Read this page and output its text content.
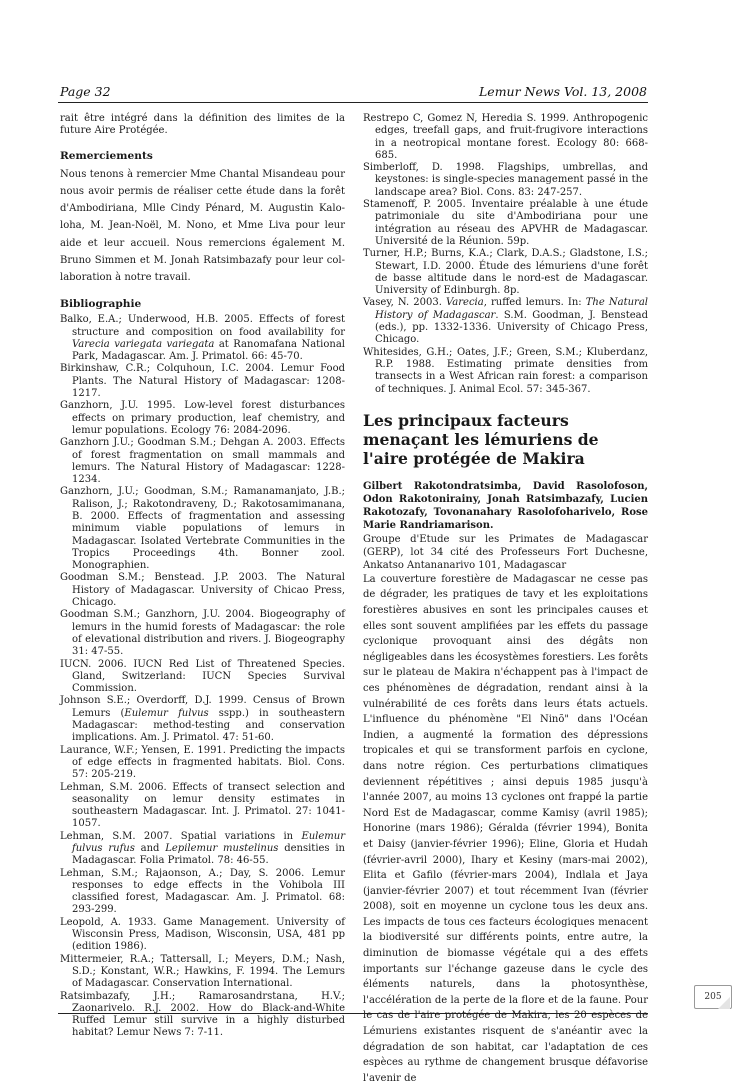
Page 32	Lemur News Vol. 13, 2008

rait être intégré dans la définition des limites de la future Aire Protégée.

Remerciements

Nous tenons à remercier Mme Chantal Misandeau pour nous avoir permis de réaliser cette étude dans la forêt d'Ambodiriana, Mlle Cindy Pénard, M. Augustin Kalo-loha, M. Jean-Noël, M. Nono, et Mme Liva pour leur aide et leur accueil. Nous remercions également M. Bruno Simmen et M. Jonah Ratsimbazafy pour leur col-laboration à notre travail.

Bibliographie

Balko, E.A.; Underwood, H.B. 2005. Effects of forest structure and composition on food availability for Varecia variegata variegata at Ranomafana National Park, Madagascar. Am. J. Primatol. 66: 45-70.

Birkinshaw, C.R.; Colquhoun, I.C. 2004. Lemur Food Plants. The Natural History of Madagascar: 1208-1217.

Ganzhorn, J.U. 1995. Low-level forest disturbances effects on primary production, leaf chemistry, and lemur populations. Ecology 76: 2084-2096.

Ganzhorn J.U.; Goodman S.M.; Dehgan A. 2003. Effects of forest fragmentation on small mammals and lemurs. The Natural History of Madagascar: 1228-1234.

Ganzhorn, J.U.; Goodman, S.M.; Ramanamanjato, J.B.; Ralison, J.; Rakotondraveny, D.; Rakotosamimanana, B. 2000. Effects of fragmentation and assessing minimum viable populations of lemurs in Madagascar. Isolated Vertebrate Communities in the Tropics Proceedings 4th. Bonner zool. Monographien.

Goodman S.M.; Benstead. J.P. 2003. The Natural History of Madagascar. University of Chicao Press, Chicago.

Goodman S.M.; Ganzhorn, J.U. 2004. Biogeography of lemurs in the humid forests of Madagascar: the role of elevational distribution and rivers. J. Biogeography 31: 47-55.

IUCN. 2006. IUCN Red List of Threatened Species. Gland, Switzerland: IUCN Species Survival Commission.

Johnson S.E.; Overdorff, D.J. 1999. Census of Brown Lemurs (Eulemur fulvus sspp.) in southeastern Madagascar: method-testing and conservation implications. Am. J. Primatol. 47: 51-60.

Laurance, W.F.; Yensen, E. 1991. Predicting the impacts of edge effects in fragmented habitats. Biol. Cons. 57: 205-219.

Lehman, S.M. 2006. Effects of transect selection and seasonality on lemur density estimates in southeastern Madagascar. Int. J. Primatol. 27: 1041-1057.

Lehman, S.M. 2007. Spatial variations in Eulemur fulvus rufus and Lepilemur mustelinus densities in Madagascar. Folia Primatol. 78: 46-55.

Lehman, S.M.; Rajaonson, A.; Day, S. 2006. Lemur responses to edge effects in the Vohibola III classified forest, Madagascar. Am. J. Primatol. 68: 293-299.

Leopold, A. 1933. Game Management. University of Wisconsin Press, Madison, Wisconsin, USA, 481 pp (edition 1986).

Mittermeier, R.A.; Tattersall, I.; Meyers, D.M.; Nash, S.D.; Konstant, W.R.; Hawkins, F. 1994. The Lemurs of Madagascar. Conservation International.

Ratsimbazafy, J.H.; Ramarosandrstana, H.V.; Zaonarivelo. R.J. 2002. How do Black-and-White Ruffed Lemur still survive in a highly disturbed habitat? Lemur News 7: 7-11.

Restrepo C, Gomez N, Heredia S. 1999. Anthropogenic edges, treefall gaps, and fruit-frugivore interactions in a neotropical montane forest. Ecology 80: 668-685.

Simberloff, D. 1998. Flagships, umbrellas, and keystones: is single-species management passé in the landscape area? Biol. Cons. 83: 247-257.

Stamenoff, P. 2005. Inventaire préalable à une étude patrimoniale du site d'Ambodiriana pour une intégration au réseau des APVHR de Madagascar. Université de la Réunion. 59p.

Turner, H.P.; Burns, K.A.; Clark, D.A.S.; Gladstone, I.S.; Stewart, I.D. 2000. Étude des lémuriens d'une forêt de basse altitude dans le nord-est de Madagascar. University of Edinburgh. 8p.

Vasey, N. 2003. Varecia, ruffed lemurs. In: The Natural History of Madagascar. S.M. Goodman, J. Benstead (eds.), pp. 1332-1336. University of Chicago Press, Chicago.

Whitesides, G.H.; Oates, J.F.; Green, S.M.; Kluberdanz, R.P. 1988. Estimating primate densities from transects in a West African rain forest: a comparison of techniques. J. Animal Ecol. 57: 345-367.

Les principaux facteurs menaçant les lémuriens de l'aire protégée de Makira
Gilbert Rakotondratsimba, David Rasolofoson, Odon Rakotonirainy, Jonah Ratsimbazafy, Lucien Rakotozafy, Tovonanahary Rasolofoharivelo, Rose Marie Randriamarison.
Groupe d'Etude sur les Primates de Madagascar (GERP), lot 34 cité des Professeurs Fort Duchesne, Ankatso Antananarivo 101, Madagascar

La couverture forestière de Madagascar ne cesse pas de dégrader, les pratiques de tavy et les exploitations forestières abusives en sont les principales causes et elles sont souvent amplifiées par les effets du passage cyclonique provoquant ainsi des dégâts non négligeables dans les écosystèmes forestiers. Les forêts sur le plateau de Makira n'échappent pas à l'impact de ces phénomènes de dégradation, rendant ainsi à la vulnérabilité de ces forêts dans leurs états actuels. L'influence du phénomène "El Ninõ" dans l'Océan Indien, a augmenté la formation des dépressions tropicales et qui se transforment parfois en cyclone, dans notre région. Ces perturbations climatiques deviennent répétitives ; ainsi depuis 1985 jusqu'à l'année 2007, au moins 13 cyclones ont frappé la partie Nord Est de Madagascar, comme Kamisy (avril 1985); Honorine (mars 1986); Géralda (février 1994), Bonita et Daisy (janvier-février 1996); Eline, Gloria et Hudah (février-avril 2000), Ihary et Kesiny (mars-mai 2002), Elita et Gafilo (février-mars 2004), Indlala et Jaya (janvier-février 2007) et tout récemment Ivan (février 2008), soit en moyenne un cyclone tous les deux ans. Les impacts de tous ces facteurs écologiques menacent la biodiversité sur différents points, entre autre, la diminution de biomasse végétale qui a des effets importants sur l'échange gazeuse dans le cycle des éléments naturels, dans la photosynthèse, l'accélération de la perte de la flore et de la faune. Pour le cas de l'aire protégée de Makira, les 20 espèces de Lémuriens existantes risquent de s'anéantir avec la dégradation de son habitat, car l'adaptation de ces espèces au rythme de changement brusque défavorise l'avenir de

205
